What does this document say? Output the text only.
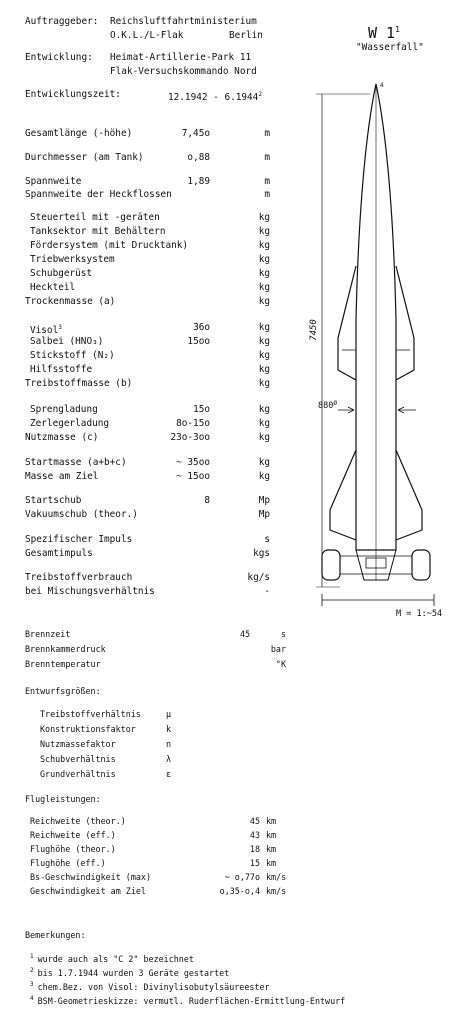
Auftraggeber: Reichsluftfahrtministerium
O.K.L./L-Flak	Berlin
Entwicklung: Heimat-Artillerie-Park 11
Flak-Versuchskommando Nord
Entwicklungszeit:	12.1942 - 6.1944$^2$
W $1^1$
"Wasserfall"
Gesamtlänge (-höhe)	7,45o	m
Durchmesser (am Tank)	o,88	m
Spannweite	1,89	m
Spannweite der Heckflossen	m
Steuerteil mit -geräten	kg
Tanksektor mit Behältern	kg
Fördersystem (mit Drucktank)	kg
Triebwerksystem	kg
Schubgerüst	kg
Heckteil	kg
Trockenmasse (a)	kg
Visol$^3$	36o	kg
Salbei (HNO₃)	15oo	kg
Stickstoff (N₂)	kg
Hilfsstoffe	kg
Treibstoffmasse (b)	kg
Sprengladung	15o	kg
Zerlegerladung	8o-15o	kg
Nutzmasse (c)	23o-3oo	kg
Startmasse (a+b+c)	~ 35oo	kg
Masse am Ziel	~ 15oo	kg
Startschub	8	Mp
Vakuumschub (theor.)	Mp
Spezifischer Impuls	s
Gesamtimpuls	kgs
Treibstoffverbrauch	kg/s
bei Mischungsverhältnis	-
Brennzeit	45	s
Brennkammerdruck	bar
Brenntemperatur	°K
Entwurfsgrößen:
Treibstoffverhältnis	μ
Konstruktionsfaktor	k
Nutzmassefaktor	n
Schubverhältnis	λ
Grundverhältnis	ε
Flugleistungen:
Reichweite (theor.)	45 km
Reichweite (eff.)	43 km
Flughöhe (theor.)	18 km
Flughöhe (eff.)	15 km
Bs-Geschwindigkeit (max)	~ o,77o km/s
Geschwindigkeit am Ziel	o,35-o,4 km/s
Bemerkungen:
$^1$ wurde auch als "C 2" bezeichnet
$^2$ bis 1.7.1944 wurden 3 Geräte gestartet
$^3$ chem.Bez. von Visol: Divinylisobutylsäureester
$^4$ BSM-Geometrieskizze: vermutl. Ruderflächen-Ermittlung-Entwurf
7450
$880^Ø$
4
M = 1:~54
